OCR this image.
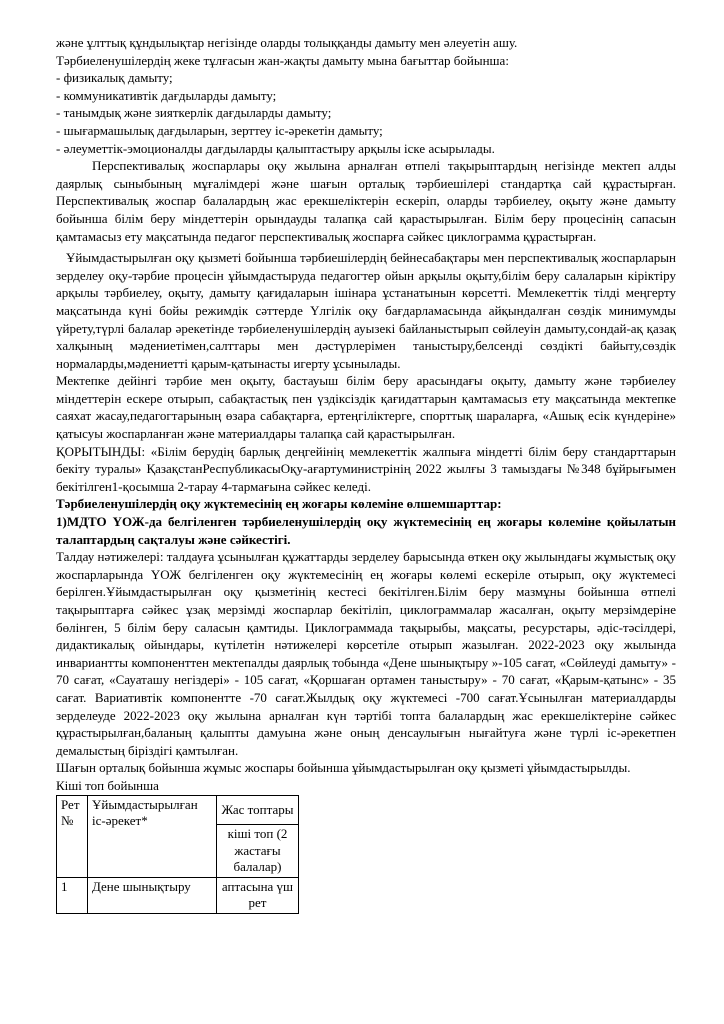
және ұлттық құндылықтар негізінде оларды толыққанды дамыту мен әлеуетін ашу.

Тәрбиеленушілердің жеке тұлғасын жан-жақты дамыту мына бағыттар бойынша:

- физикалық дамыту;

- коммуникативтік дағдыларды дамыту;

- танымдық және зияткерлік дағдыларды дамыту;

- шығармашылық дағдыларын, зерттеу іс-әрекетін дамыту;

- әлеуметтік-эмоционалды дағдыларды қалыптастыру арқылы іске асырылады.

Перспективалық жоспарлары оқу жылына арналған өтпелі тақырыптардың негізінде мектеп алды даярлық сыныбының мұғалімдері және шағын орталық тәрбиешілері стандартқа сай құрастырған. Перспективалық жоспар балалардың жас ерекшеліктерін ескеріп, оларды тәрбиелеу, оқыту және дамыту бойынша білім беру міндеттерін орындауды талапқа сай қарастырылған. Білім беру процесінің сапасын қамтамасыз ету мақсатында педагог перспективалық жоспарға сәйкес циклограмма құрастырған.

Ұйымдастырылған оқу қызметі бойынша тәрбиешілердің бейнесабақтары мен перспективалық жоспарларын зерделеу оқу-тәрбие процесін ұйымдастыруда педагогтер ойын арқылы оқыту,білім беру салаларын кіріктіру арқылы тәрбиелеу, оқыту, дамыту қағидаларын ішінара ұстанатынын көрсетті. Мемлекеттік тілді меңгерту мақсатында күні бойы режимдік сәттерде Үлгілік оқу бағдарламасында айқындалған сөздік минимумды үйрету,түрлі балалар әрекетінде тәрбиеленушілердің ауызекі байланыстырып сөйлеуін дамыту,сондай-ақ қазақ халқының мәдениетімен,салттары мен дәстүрлерімен таныстыру,белсенді сөздікті байыту,сөздік нормаларды,мәдениетті қарым-қатынасты игерту ұсынылады.

Мектепке дейінгі тәрбие мен оқыту, бастауыш білім беру арасындағы оқыту, дамыту және тәрбиелеу міндеттерін ескере отырып, сабақтастық пен үздіксіздік қағидаттарын қамтамасыз ету мақсатында мектепке саяхат жасау,педагогтарының өзара сабақтарға, ертеңгіліктерге, спорттық шараларға, «Ашық есік күндеріне» қатысуы жоспарланған және материалдары талапқа сай қарастырылған.

ҚОРЫТЫНДЫ: «Білім берудің барлық деңгейінің мемлекеттік жалпыға міндетті білім беру стандарттарын бекіту туралы» ҚазақстанРеспубликасыОқу-ағартуминистрінің 2022 жылғы 3 тамыздағы №348 бұйрығымен бекітілген1-қосымша 2-тарау 4-тармағына сәйкес келеді.

Тәрбиеленушілердің оқу жүктемесінің ең жоғары көлеміне өлшемшарттар:

1)МДТО ҮОЖ-да белгіленген тәрбиеленушілердің оқу жүктемесінің ең жоғары көлеміне қойылатын талаптардың сақталуы және сәйкестігі.

Талдау нәтижелері: талдауға ұсынылған құжаттарды зерделеу барысында өткен оқу жылындағы жұмыстық оқу жоспарларында ҮОЖ белгіленген оқу жүктемесінің ең жоғары көлемі ескеріле отырып, оқу жүктемесі берілген.Ұйымдастырылған оқу қызметінің кестесі бекітілген.Білім беру мазмұны бойынша өтпелі тақырыптарға сәйкес ұзақ мерзімді жоспарлар бекітіліп, циклограммалар жасалған, оқыту мерзімдеріне бөлінген, 5 білім беру саласын қамтиды. Циклограммада тақырыбы, мақсаты, ресурстары, әдіс-тәсілдері, дидактикалық ойындары, күтілетін нәтижелері көрсетіле отырып жазылған. 2022-2023 оқу жылында инвариантты компоненттен мектепалды даярлық тобында «Дене шынықтыру »-105 сағат, «Сөйлеуді дамыту» - 70 сағат, «Сауаташу негіздері» - 105 сағат, «Қоршаған ортамен таныстыру» - 70 сағат, «Қарым-қатынс» - 35 сағат. Вариативтік компонентте -70 сағат.Жылдық оқу жүктемесі -700 сағат.Ұсынылған материалдарды зерделеуде 2022-2023 оқу жылына арналған күн тәртібі топта балалардың жас ерекшеліктеріне сәйкес құрастырылған,баланың қалыпты дамуына және оның денсаулығын нығайтуға және түрлі іс-әрекетпен демалыстың біріздігі қамтылған.

Шағын орталық бойынша жұмыс жоспары бойынша ұйымдастырылған оқу қызметі ұйымдастырылды.

Кіші топ бойынша

Рет №	Ұйымдастырылған іс-әрекет*	Жас топтары
		кіші топ (2 жастағы балалар)
1	Дене шынықтыру	аптасына үш рет
